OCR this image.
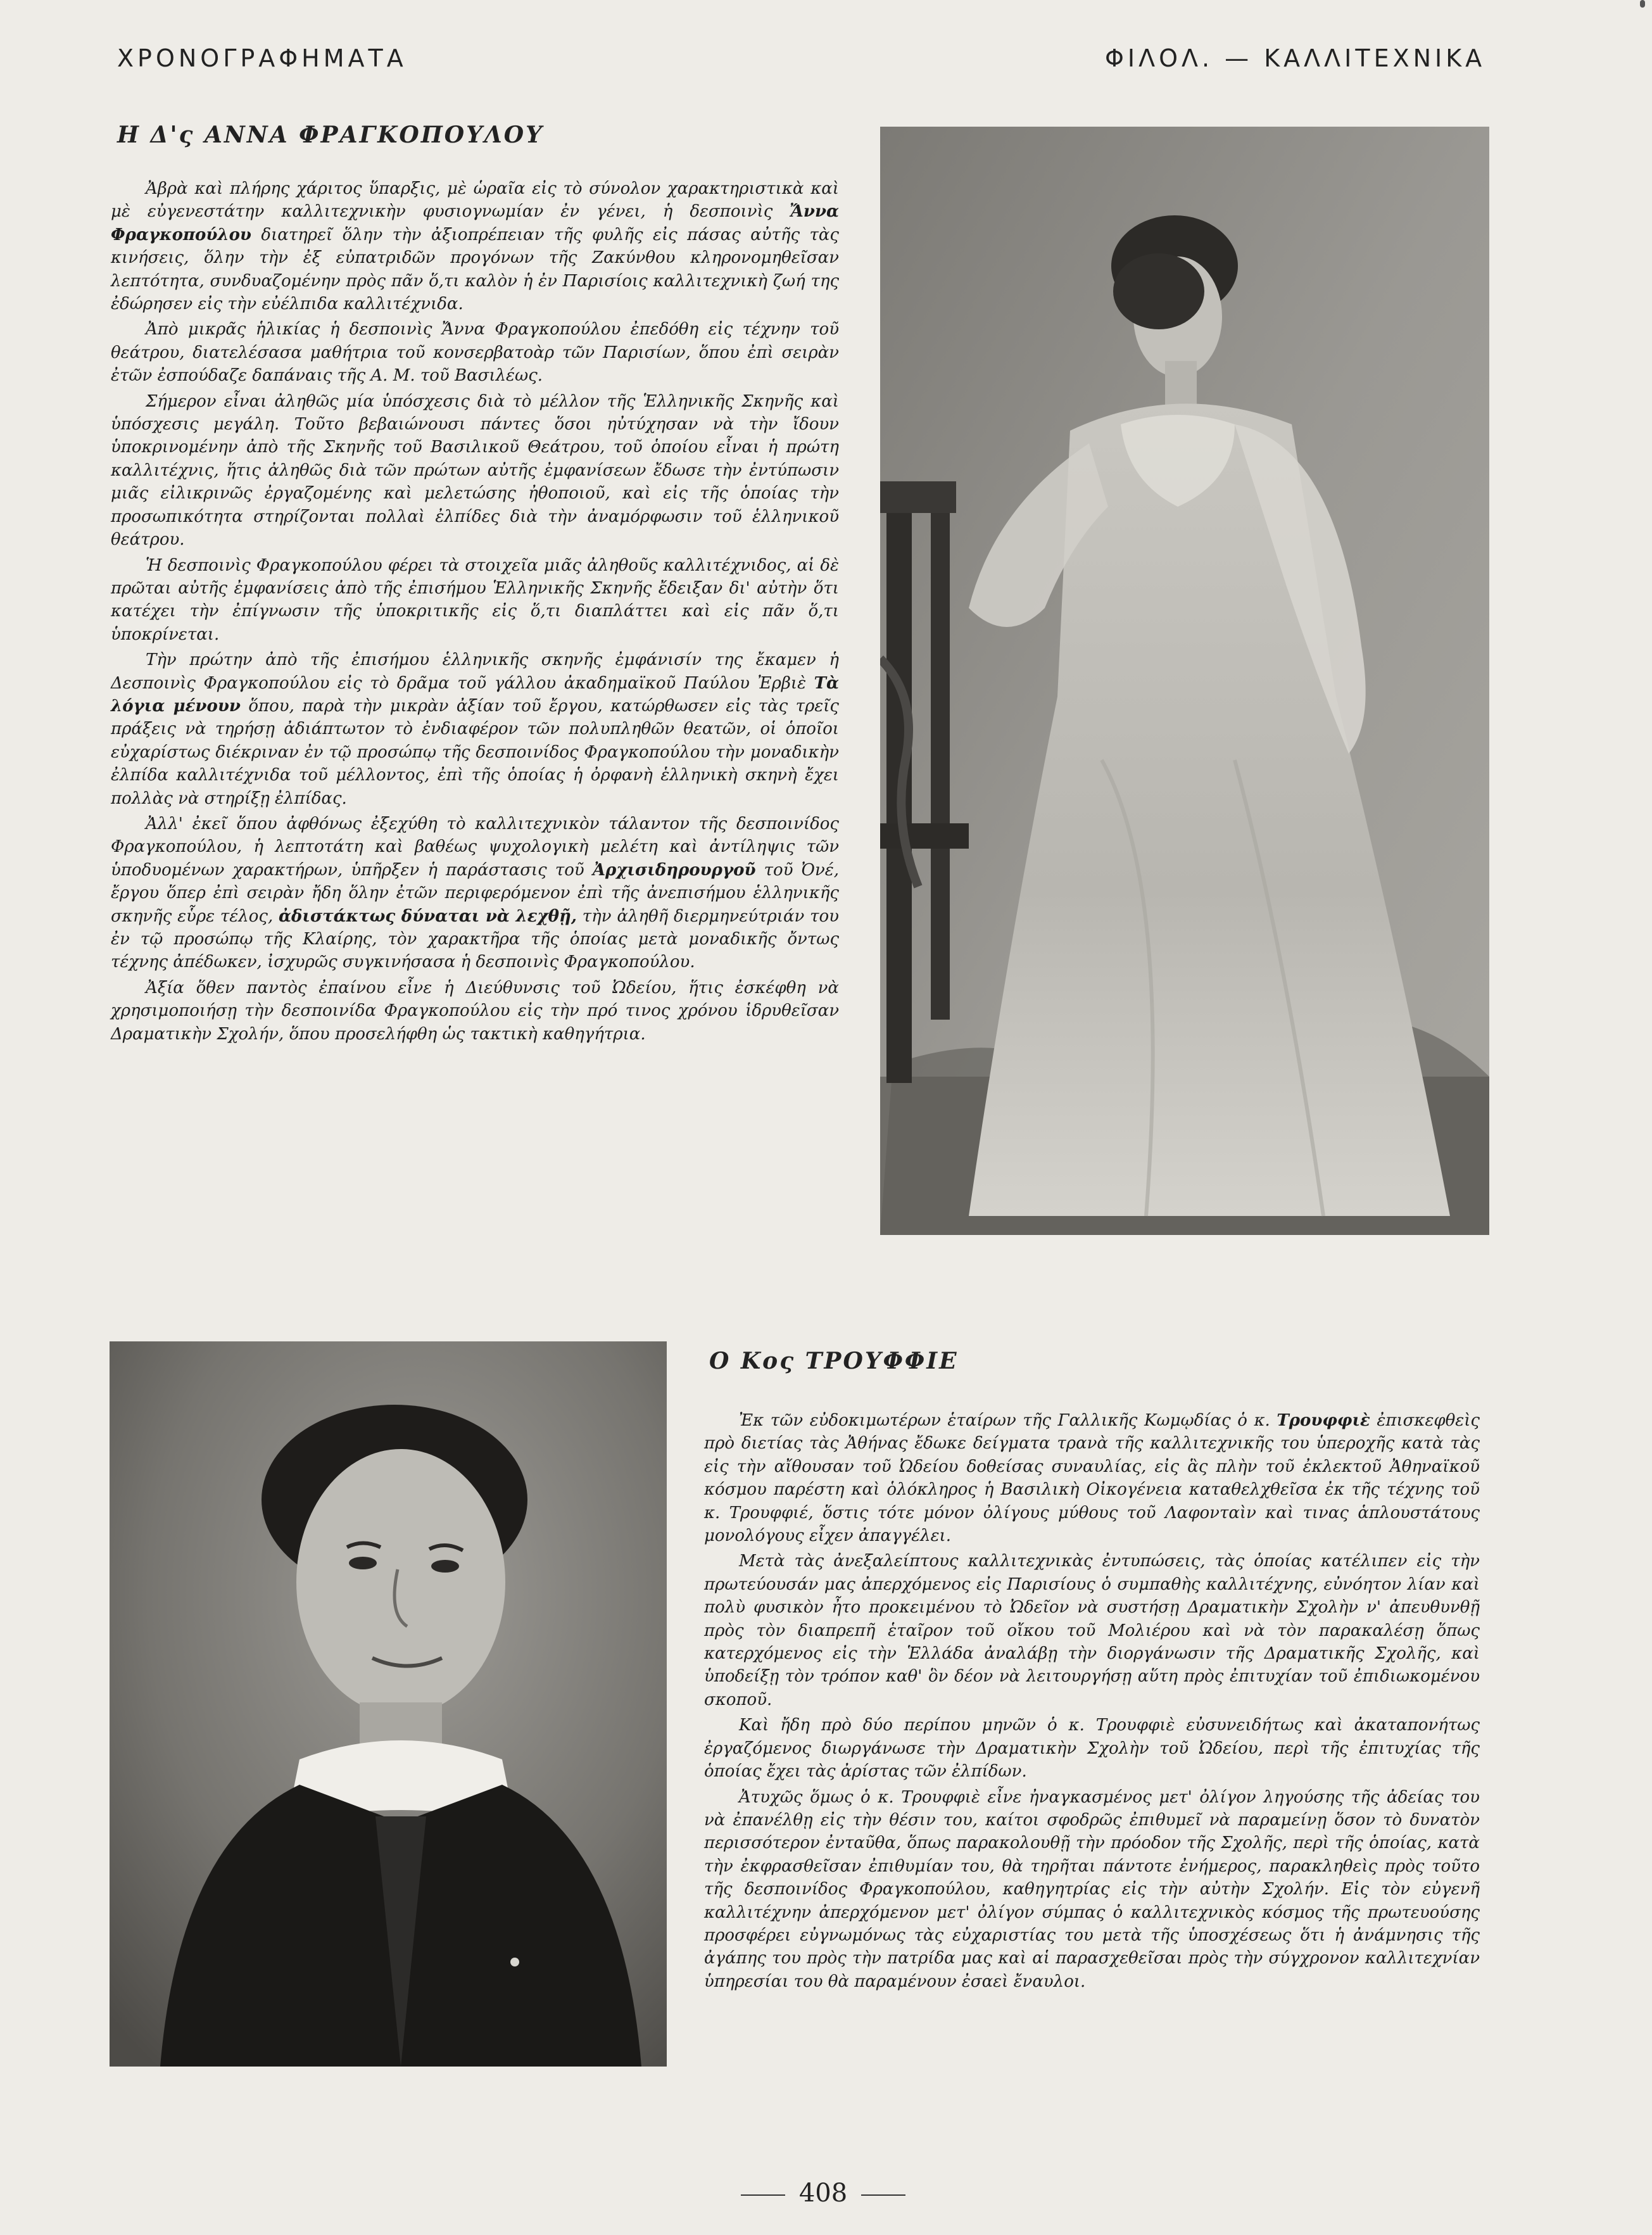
ΧΡΟΝΟΓΡΑΦΗΜΑΤΑ	ΦΙΛΟΛ. — ΚΑΛΛΙΤΕΧΝΙΚΑ
Η Δ'ς ΑΝΝΑ ΦΡΑΓΚΟΠΟΥΛΟΥ

Ἀβρὰ καὶ πλήρης χάριτος ὕπαρξις, μὲ ὡραῖα εἰς τὸ σύνολον χαρακτηριστικὰ καὶ μὲ εὐγενεστάτην καλλιτεχνικὴν φυσιογνωμίαν ἐν γένει, ἡ δεσποινὶς Ἄννα Φραγκοπούλου διατηρεῖ ὅλην τὴν ἀξιοπρέπειαν τῆς φυλῆς εἰς πάσας αὐτῆς τὰς κινήσεις, ὅλην τὴν ἐξ εὐπατριδῶν προγόνων τῆς Ζακύνθου κληρονομηθεῖσαν λεπτότητα, συνδυαζομένην πρὸς πᾶν ὅ,τι καλὸν ἡ ἐν Παρισίοις καλλιτεχνικὴ ζωή της ἐδώρησεν εἰς τὴν εὐέλπιδα καλλιτέχνιδα.

Ἀπὸ μικρᾶς ἡλικίας ἡ δεσποινὶς Ἄννα Φραγκοπούλου ἐπεδόθη εἰς τέχνην τοῦ θεάτρου, διατελέσασα μαθήτρια τοῦ κονσερβατοὰρ τῶν Παρισίων, ὅπου ἐπὶ σειρὰν ἐτῶν ἐσπούδαζε δαπάναις τῆς Α. Μ. τοῦ Βασιλέως.

Σήμερον εἶναι ἀληθῶς μία ὑπόσχεσις διὰ τὸ μέλλον τῆς Ἑλληνικῆς Σκηνῆς καὶ ὑπόσχεσις μεγάλη. Τοῦτο βεβαιώνουσι πάντες ὅσοι ηὐτύχησαν νὰ τὴν ἴδουν ὑποκρινομένην ἀπὸ τῆς Σκηνῆς τοῦ Βασιλικοῦ Θεάτρου, τοῦ ὁποίου εἶναι ἡ πρώτη καλλιτέχνις, ἥτις ἀληθῶς διὰ τῶν πρώτων αὐτῆς ἐμφανίσεων ἔδωσε τὴν ἐντύπωσιν μιᾶς εἰλικρινῶς ἐργαζομένης καὶ μελετώσης ἠθοποιοῦ, καὶ εἰς τῆς ὁποίας τὴν προσωπικότητα στηρίζονται πολλαὶ ἐλπίδες διὰ τὴν ἀναμόρφωσιν τοῦ ἑλληνικοῦ θεάτρου.

Ἡ δεσποινὶς Φραγκοπούλου φέρει τὰ στοιχεῖα μιᾶς ἀληθοῦς καλλιτέχνιδος, αἱ δὲ πρῶται αὐτῆς ἐμφανίσεις ἀπὸ τῆς ἐπισήμου Ἑλληνικῆς Σκηνῆς ἔδειξαν δι' αὐτὴν ὅτι κατέχει τὴν ἐπίγνωσιν τῆς ὑποκριτικῆς εἰς ὅ,τι διαπλάττει καὶ εἰς πᾶν ὅ,τι ὑποκρίνεται.

Τὴν πρώτην ἀπὸ τῆς ἐπισήμου ἑλληνικῆς σκηνῆς ἐμφάνισίν της ἔκαμεν ἡ Δεσποινὶς Φραγκοπούλου εἰς τὸ δρᾶμα τοῦ γάλλου ἀκαδημαϊκοῦ Παύλου Ἐρβιὲ Τὰ λόγια μένουν ὅπου, παρὰ τὴν μικρὰν ἀξίαν τοῦ ἔργου, κατώρθωσεν εἰς τὰς τρεῖς πράξεις νὰ τηρήσῃ ἀδιάπτωτον τὸ ἐνδιαφέρον τῶν πολυπληθῶν θεατῶν, οἱ ὁποῖοι εὐχαρίστως διέκριναν ἐν τῷ προσώπῳ τῆς δεσποινίδος Φραγκοπούλου τὴν μοναδικὴν ἐλπίδα καλλιτέχνιδα τοῦ μέλλοντος, ἐπὶ τῆς ὁποίας ἡ ὀρφανὴ ἑλληνικὴ σκηνὴ ἔχει πολλὰς νὰ στηρίξῃ ἐλπίδας.

Ἀλλ' ἐκεῖ ὅπου ἀφθόνως ἐξεχύθη τὸ καλλιτεχνικὸν τάλαντον τῆς δεσποινίδος Φραγκοπούλου, ἡ λεπτοτάτη καὶ βαθέως ψυχολογικὴ μελέτη καὶ ἀντίληψις τῶν ὑποδυομένων χαρακτήρων, ὑπῆρξεν ἡ παράστασις τοῦ Ἀρχισιδηρουργοῦ τοῦ Ὀνέ, ἔργου ὅπερ ἐπὶ σειρὰν ἤδη ὅλην ἐτῶν περιφερόμενον ἐπὶ τῆς ἀνεπισήμου ἑλληνικῆς σκηνῆς εὗρε τέλος, ἀδιστάκτως δύναται νὰ λεχθῇ, τὴν ἀληθῆ διερμηνεύτριάν του ἐν τῷ προσώπῳ τῆς Κλαίρης, τὸν χαρακτῆρα τῆς ὁποίας μετὰ μοναδικῆς ὄντως τέχνης ἀπέδωκεν, ἰσχυρῶς συγκινήσασα ἡ δεσποινὶς Φραγκοπούλου.

Ἀξία ὅθεν παντὸς ἐπαίνου εἶνε ἡ Διεύθυνσις τοῦ Ὠδείου, ἥτις ἐσκέφθη νὰ χρησιμοποιήσῃ τὴν δεσποινίδα Φραγκοπούλου εἰς τὴν πρό τινος χρόνου ἱδρυθεῖσαν Δραματικὴν Σχολήν, ὅπου προσελήφθη ὡς τακτικὴ καθηγήτρια.

Ο Κος ΤΡΟΥΦΦΙΕ

Ἐκ τῶν εὐδοκιμωτέρων ἑταίρων τῆς Γαλλικῆς Κωμῳδίας ὁ κ. Τρουφφιὲ ἐπισκεφθεὶς πρὸ διετίας τὰς Ἀθήνας ἔδωκε δείγματα τρανὰ τῆς καλλιτεχνικῆς του ὑπεροχῆς κατὰ τὰς εἰς τὴν αἴθουσαν τοῦ Ὠδείου δοθείσας συναυλίας, εἰς ἃς πλὴν τοῦ ἐκλεκτοῦ Ἀθηναϊκοῦ κόσμου παρέστη καὶ ὁλόκληρος ἡ Βασιλικὴ Οἰκογένεια καταθελχθεῖσα ἐκ τῆς τέχνης τοῦ κ. Τρουφφιέ, ὅστις τότε μόνον ὀλίγους μύθους τοῦ Λαφονταὶν καὶ τινας ἁπλουστάτους μονολόγους εἶχεν ἀπαγγέλει.

Μετὰ τὰς ἀνεξαλείπτους καλλιτεχνικὰς ἐντυπώσεις, τὰς ὁποίας κατέλιπεν εἰς τὴν πρωτεύουσάν μας ἀπερχόμενος εἰς Παρισίους ὁ συμπαθὴς καλλιτέχνης, εὐνόητον λίαν καὶ πολὺ φυσικὸν ἦτο προκειμένου τὸ Ὠδεῖον νὰ συστήσῃ Δραματικὴν Σχολὴν ν' ἀπευθυνθῇ πρὸς τὸν διαπρεπῆ ἑταῖρον τοῦ οἴκου τοῦ Μολιέρου καὶ νὰ τὸν παρακαλέσῃ ὅπως κατερχόμενος εἰς τὴν Ἑλλάδα ἀναλάβῃ τὴν διοργάνωσιν τῆς Δραματικῆς Σχολῆς, καὶ ὑποδείξῃ τὸν τρόπον καθ' ὃν δέον νὰ λειτουργήσῃ αὕτη πρὸς ἐπιτυχίαν τοῦ ἐπιδιωκομένου σκοποῦ.

Καὶ ἤδη πρὸ δύο περίπου μηνῶν ὁ κ. Τρουφφιὲ εὐσυνειδήτως καὶ ἀκαταπονήτως ἐργαζόμενος διωργάνωσε τὴν Δραματικὴν Σχολὴν τοῦ Ὠδείου, περὶ τῆς ἐπιτυχίας τῆς ὁποίας ἔχει τὰς ἀρίστας τῶν ἐλπίδων.

Ἀτυχῶς ὅμως ὁ κ. Τρουφφιὲ εἶνε ἠναγκασμένος μετ' ὀλίγον ληγούσης τῆς ἀδείας του νὰ ἐπανέλθῃ εἰς τὴν θέσιν του, καίτοι σφοδρῶς ἐπιθυμεῖ νὰ παραμείνῃ ὅσον τὸ δυνατὸν περισσότερον ἐνταῦθα, ὅπως παρακολουθῇ τὴν πρόοδον τῆς Σχολῆς, περὶ τῆς ὁποίας, κατὰ τὴν ἐκφρασθεῖσαν ἐπιθυμίαν του, θὰ τηρῆται πάντοτε ἐνήμερος, παρακληθεὶς πρὸς τοῦτο τῆς δεσποινίδος Φραγκοπούλου, καθηγητρίας εἰς τὴν αὐτὴν Σχολήν. Εἰς τὸν εὐγενῆ καλλιτέχνην ἀπερχόμενον μετ' ὀλίγον σύμπας ὁ καλλιτεχνικὸς κόσμος τῆς πρωτευούσης προσφέρει εὐγνωμόνως τὰς εὐχαριστίας του μετὰ τῆς ὑποσχέσεως ὅτι ἡ ἀνάμνησις τῆς ἀγάπης του πρὸς τὴν πατρίδα μας καὶ αἱ παρασχεθεῖσαι πρὸς τὴν σύγχρονον καλλιτεχνίαν ὑπηρεσίαι του θὰ παραμένουν ἐσαεὶ ἔναυλοι.

408
